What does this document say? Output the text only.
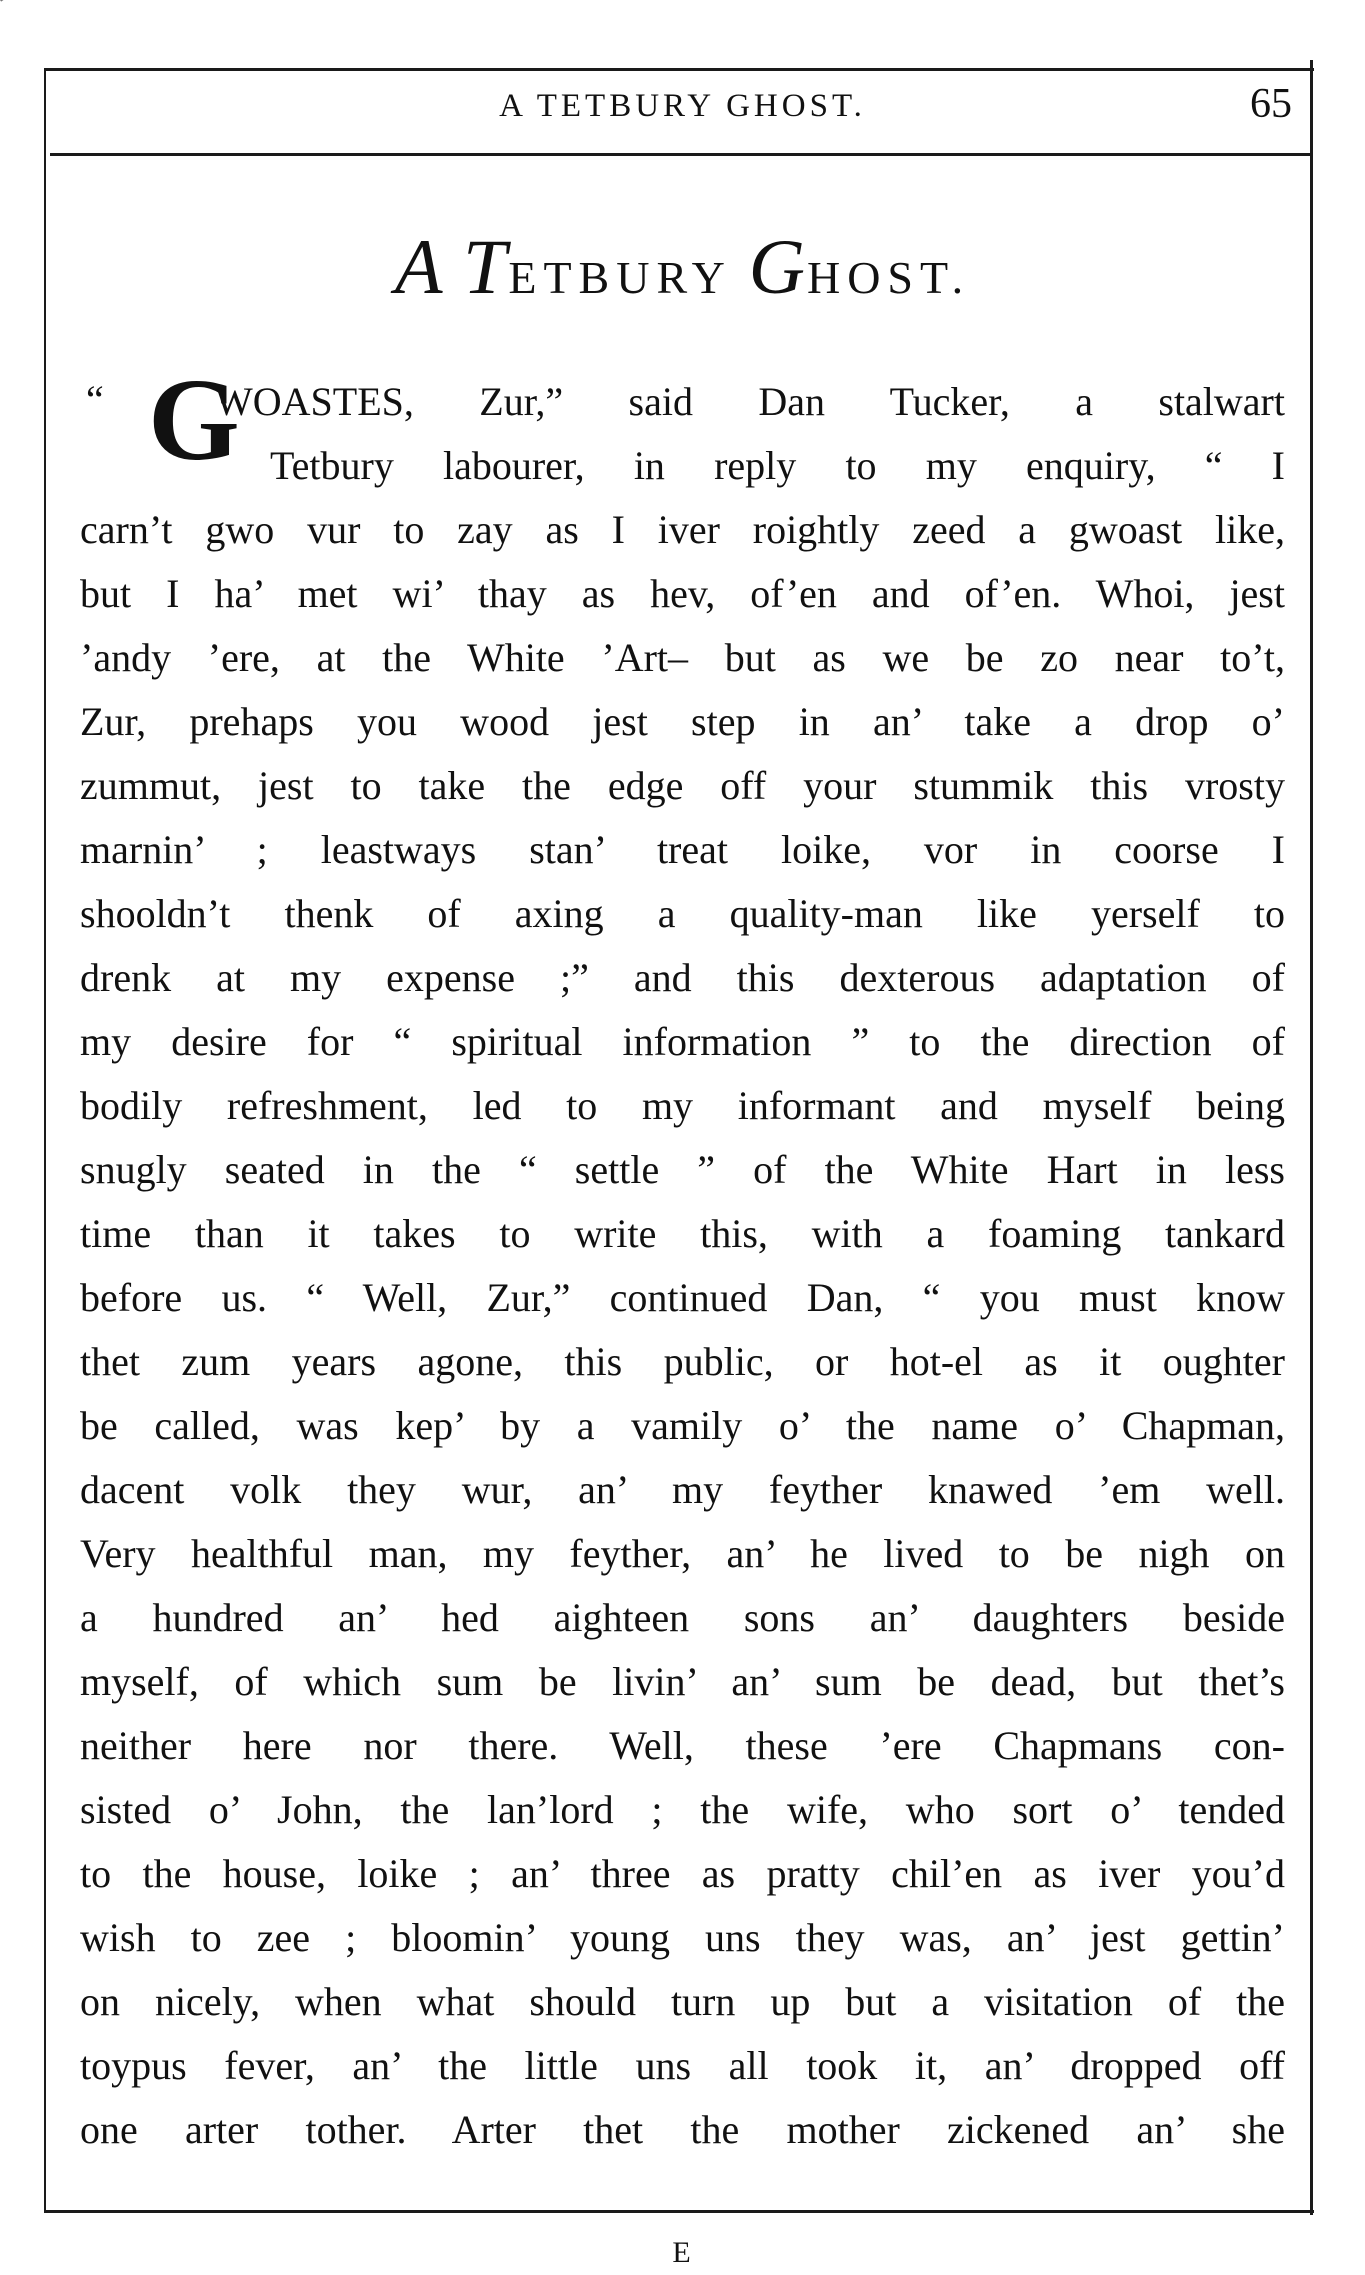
A TETBURY GHOST.	65
A TETBURY GHOST.
“ G
WOASTES, Zur,” said Dan Tucker, a stalwart
Tetbury labourer, in reply to my enquiry, “ I
carn’t gwo vur to zay as I iver roightly zeed a gwoast like,
but I ha’ met wi’ thay as hev, of’en and of’en. Whoi, jest
’andy ’ere, at the White ’Art– but as we be zo near to’t,
Zur, prehaps you wood jest step in an’ take a drop o’
zummut, jest to take the edge off your stummik this vrosty
marnin’ ; leastways stan’ treat loike, vor in coorse I
shooldn’t thenk of axing a quality-man like yerself to
drenk at my expense ;” and this dexterous adaptation of
my desire for “ spiritual information ” to the direction of
bodily refreshment, led to my informant and myself being
snugly seated in the “ settle ” of the White Hart in less
time than it takes to write this, with a foaming tankard
before us. “ Well, Zur,” continued Dan, “ you must know
thet zum years agone, this public, or hot-el as it oughter
be called, was kep’ by a vamily o’ the name o’ Chapman,
dacent volk they wur, an’ my feyther knawed ’em well.
Very healthful man, my feyther, an’ he lived to be nigh on
a hundred an’ hed aighteen sons an’ daughters beside
myself, of which sum be livin’ an’ sum be dead, but thet’s
neither here nor there. Well, these ’ere Chapmans con-
sisted o’ John, the lan’lord ; the wife, who sort o’ tended
to the house, loike ; an’ three as pratty chil’en as iver you’d
wish to zee ; bloomin’ young uns they was, an’ jest gettin’
on nicely, when what should turn up but a visitation of the
toypus fever, an’ the little uns all took it, an’ dropped off
one arter tother. Arter thet the mother zickened an’ she
E
